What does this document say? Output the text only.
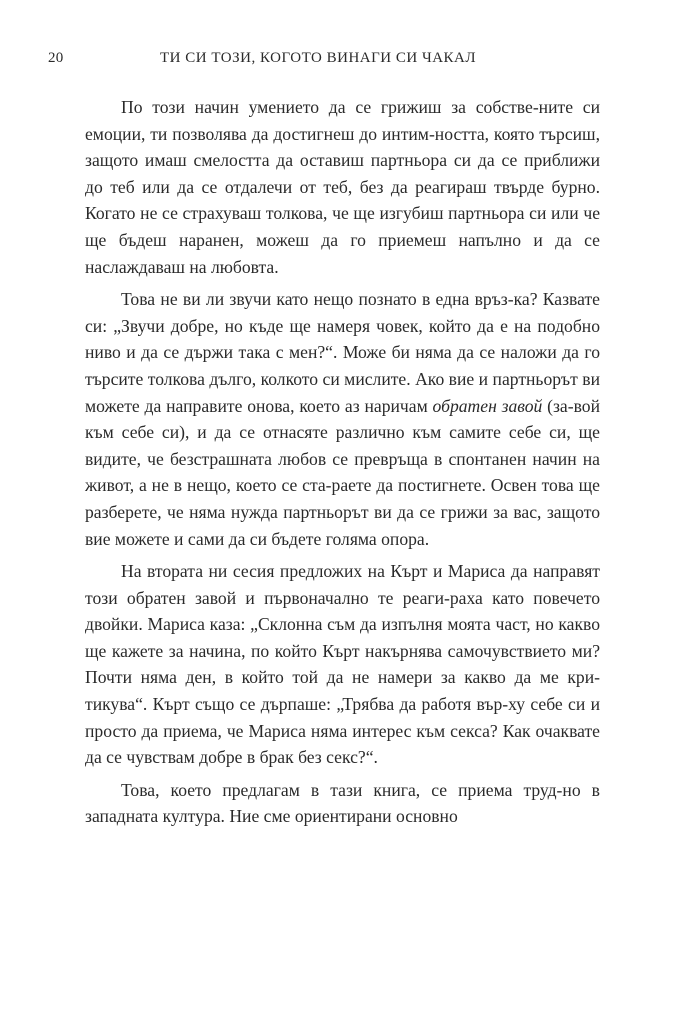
20	ТИ СИ ТОЗИ, КОГОТО ВИНАГИ СИ ЧАКАЛ

По този начин умението да се грижиш за собстве-ните си емоции, ти позволява да достигнеш до интим-ността, която търсиш, защото имаш смелостта да оставиш партньора си да се приближи до теб или да се отдалечи от теб, без да реагираш твърде бурно. Когато не се страхуваш толкова, че ще изгубиш партньора си или че ще бъдеш наранен, можеш да го приемеш напълно и да се наслаждаваш на любовта.

Това не ви ли звучи като нещо познато в една връз-ка? Казвате си: „Звучи добре, но къде ще намеря човек, който да е на подобно ниво и да се държи така с мен?“. Може би няма да се наложи да го търсите толкова дълго, колкото си мислите. Ако вие и партньорът ви можете да направите онова, което аз наричам обратен завой (за-вой към себе си), и да се отнасяте различно към самите себе си, ще видите, че безстрашната любов се превръща в спонтанен начин на живот, а не в нещо, което се ста-раете да постигнете. Освен това ще разберете, че няма нужда партньорът ви да се грижи за вас, защото вие можете и сами да си бъдете голяма опора.

На втората ни сесия предложих на Кърт и Мариса да направят този обратен завой и първоначално те реаги-раха като повечето двойки. Мариса каза: „Склонна съм да изпълня моята част, но какво ще кажете за начина, по който Кърт накърнява самочувствието ми? Почти няма ден, в който той да не намери за какво да ме кри-тикува“. Кърт също се дърпаше: „Трябва да работя вър-ху себе си и просто да приема, че Мариса няма интерес към секса? Как очаквате да се чувствам добре в брак без секс?“.

Това, което предлагам в тази книга, се приема труд-но в западната култура. Ние сме ориентирани основно
